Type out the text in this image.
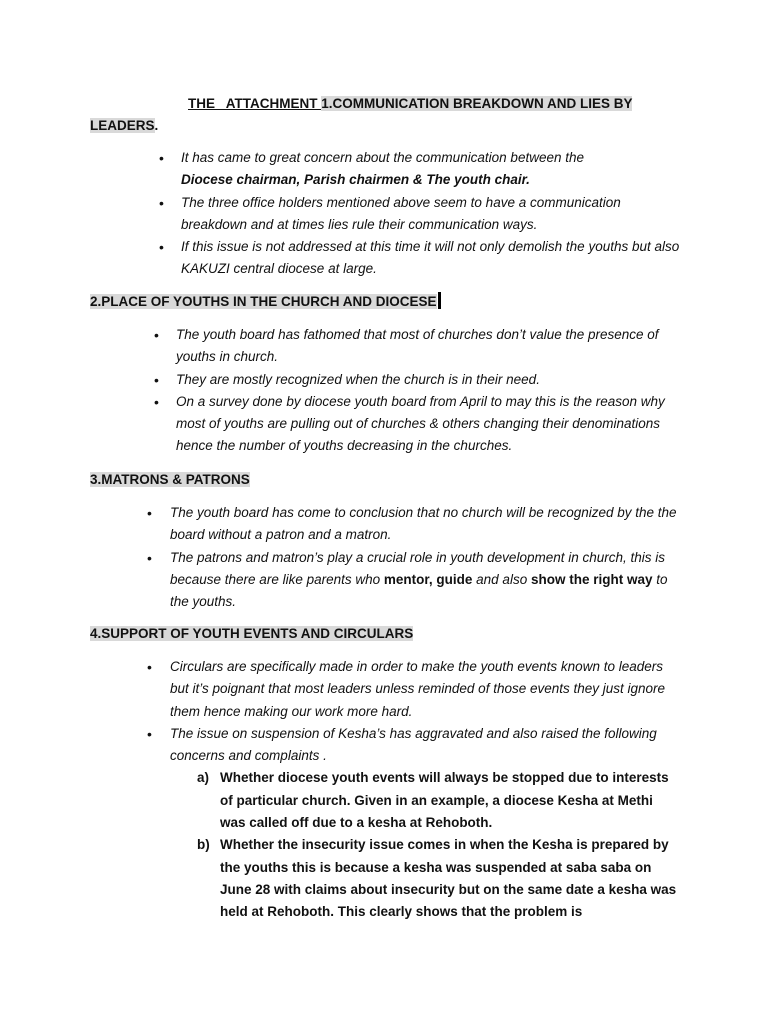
THE   ATTACHMENT 1.COMMUNICATION BREAKDOWN AND LIES BY
LEADERS.
• It has came to great concern about the communication between the
Diocese chairman, Parish chairmen & The youth chair.
• The three office holders mentioned above seem to have a communication breakdown and at times lies rule their communication ways.
• If this issue is not addressed at this time it will not only demolish the youths but also KAKUZI central diocese at large.
2.PLACE OF YOUTHS IN THE CHURCH AND DIOCESE
• The youth board has fathomed that most of churches don’t value the presence of youths in church.
• They are mostly recognized when the church is in their need.
• On a survey done by diocese youth board from April to may this is the reason why most of youths are pulling out of churches & others changing their denominations hence the number of youths decreasing in the churches.
3.MATRONS & PATRONS
• The youth board has come to conclusion that no church will be recognized by the the board without a patron and a matron.
• The patrons and matron’s play a crucial role in youth development in church, this is because there are like parents who mentor, guide and also show the right way to the youths.
4.SUPPORT OF YOUTH EVENTS AND CIRCULARS
• Circulars are specifically made in order to make the youth events known to leaders but it’s poignant that most leaders unless reminded of those events they just ignore them hence making our work more hard.
• The issue on suspension of Kesha’s has aggravated and also raised the following concerns and complaints .
a) Whether diocese youth events will always be stopped due to interests of particular church. Given in an example, a diocese Kesha at Methi was called off due to a kesha at Rehoboth.
b) Whether the insecurity issue comes in when the Kesha is prepared by the youths this is because a kesha was suspended at saba saba on June 28 with claims about insecurity but on the same date a kesha was held at Rehoboth. This clearly shows that the problem is
